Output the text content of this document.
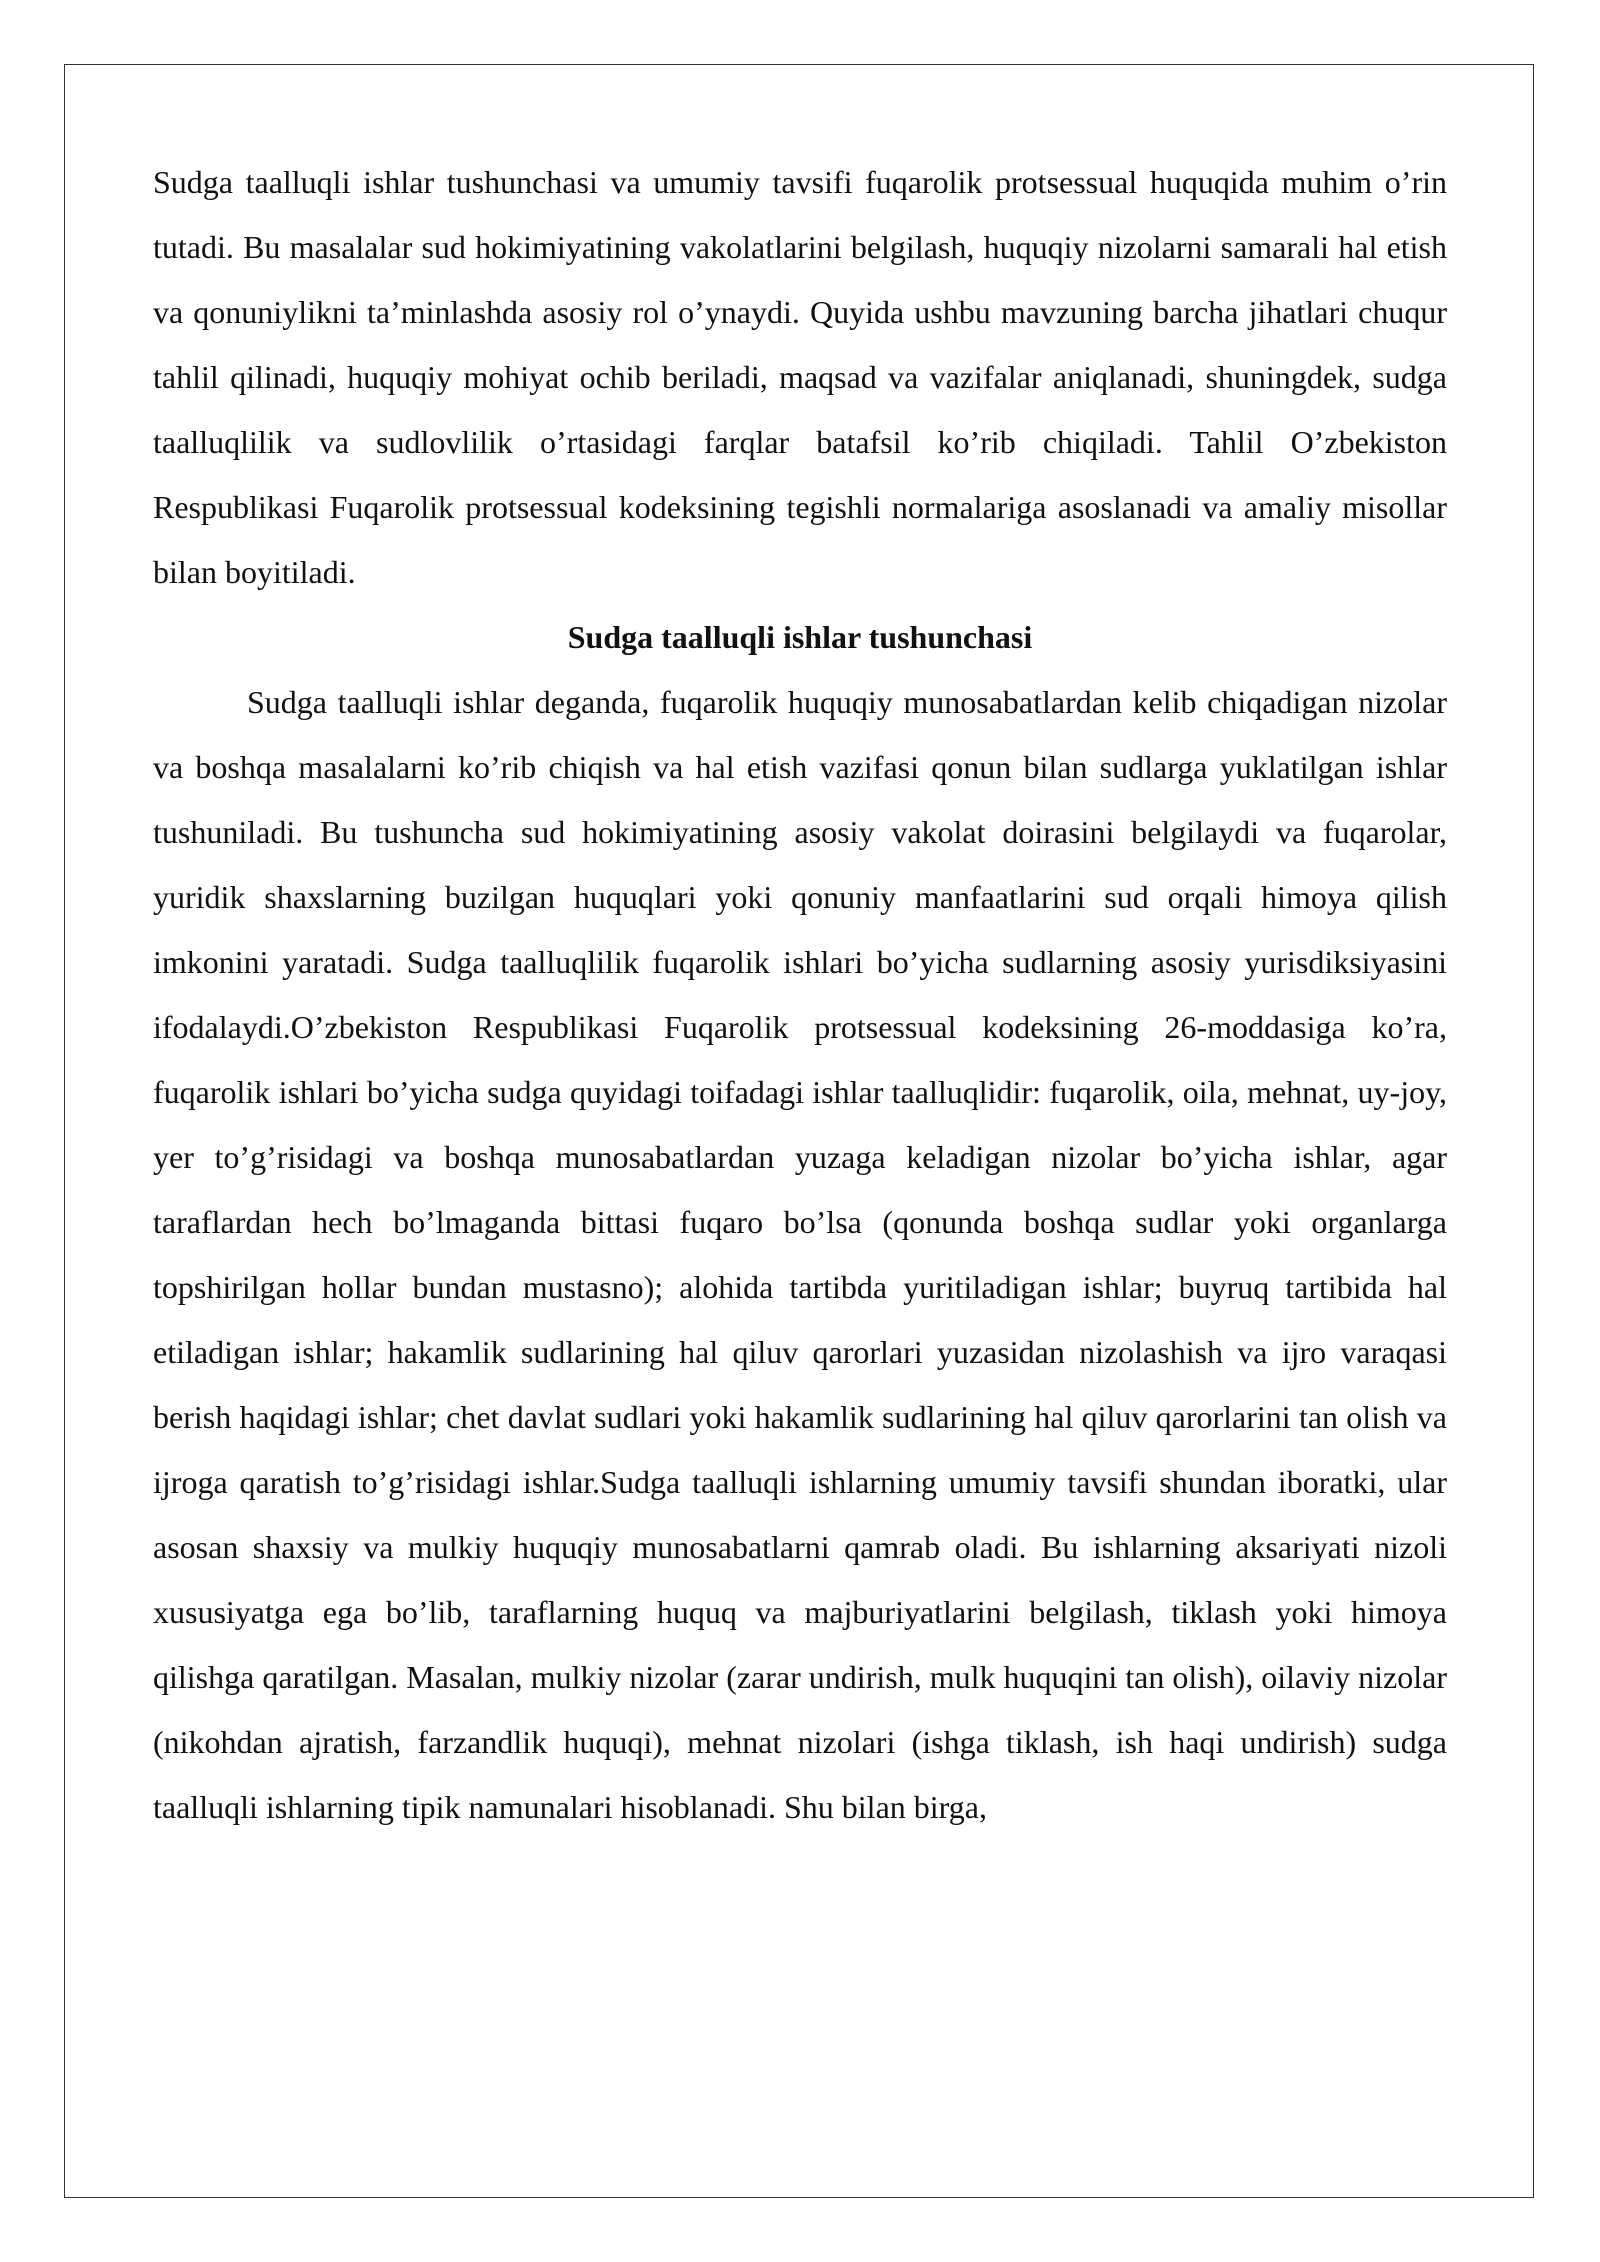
Sudga taalluqli ishlar tushunchasi va umumiy tavsifi fuqarolik protsessual huquqida muhim o’rin tutadi. Bu masalalar sud hokimiyatining vakolatlarini belgilash, huquqiy nizolarni samarali hal etish va qonuniylikni ta’minlashda asosiy rol o’ynaydi. Quyida ushbu mavzuning barcha jihatlari chuqur tahlil qilinadi, huquqiy mohiyat ochib beriladi, maqsad va vazifalar aniqlanadi, shuningdek, sudga taalluqlilik va sudlovlilik o’rtasidagi farqlar batafsil ko’rib chiqiladi. Tahlil O’zbekiston Respublikasi Fuqarolik protsessual kodeksining tegishli normalariga asoslanadi va amaliy misollar bilan boyitiladi.

Sudga taalluqli ishlar tushunchasi

Sudga taalluqli ishlar deganda, fuqarolik huquqiy munosabatlardan kelib chiqadigan nizolar va boshqa masalalarni ko’rib chiqish va hal etish vazifasi qonun bilan sudlarga yuklatilgan ishlar tushuniladi. Bu tushuncha sud hokimiyatining asosiy vakolat doirasini belgilaydi va fuqarolar, yuridik shaxslarning buzilgan huquqlari yoki qonuniy manfaatlarini sud orqali himoya qilish imkonini yaratadi. Sudga taalluqlilik fuqarolik ishlari bo’yicha sudlarning asosiy yurisdiksiyasini ifodalaydi.O’zbekiston Respublikasi Fuqarolik protsessual kodeksining 26-moddasiga ko’ra, fuqarolik ishlari bo’yicha sudga quyidagi toifadagi ishlar taalluqlidir: fuqarolik, oila, mehnat, uy-joy, yer to’g’risidagi va boshqa munosabatlardan yuzaga keladigan nizolar bo’yicha ishlar, agar taraflardan hech bo’lmaganda bittasi fuqaro bo’lsa (qonunda boshqa sudlar yoki organlarga topshirilgan hollar bundan mustasno); alohida tartibda yuritiladigan ishlar; buyruq tartibida hal etiladigan ishlar; hakamlik sudlarining hal qiluv qarorlari yuzasidan nizolashish va ijro varaqasi berish haqidagi ishlar; chet davlat sudlari yoki hakamlik sudlarining hal qiluv qarorlarini tan olish va ijroga qaratish to’g’risidagi ishlar.Sudga taalluqli ishlarning umumiy tavsifi shundan iboratki, ular asosan shaxsiy va mulkiy huquqiy munosabatlarni qamrab oladi. Bu ishlarning aksariyati nizoli xususiyatga ega bo’lib, taraflarning huquq va majburiyatlarini belgilash, tiklash yoki himoya qilishga qaratilgan. Masalan, mulkiy nizolar (zarar undirish, mulk huquqini tan olish), oilaviy nizolar (nikohdan ajratish, farzandlik huquqi), mehnat nizolari (ishga tiklash, ish haqi undirish) sudga taalluqli ishlarning tipik namunalari hisoblanadi. Shu bilan birga,
